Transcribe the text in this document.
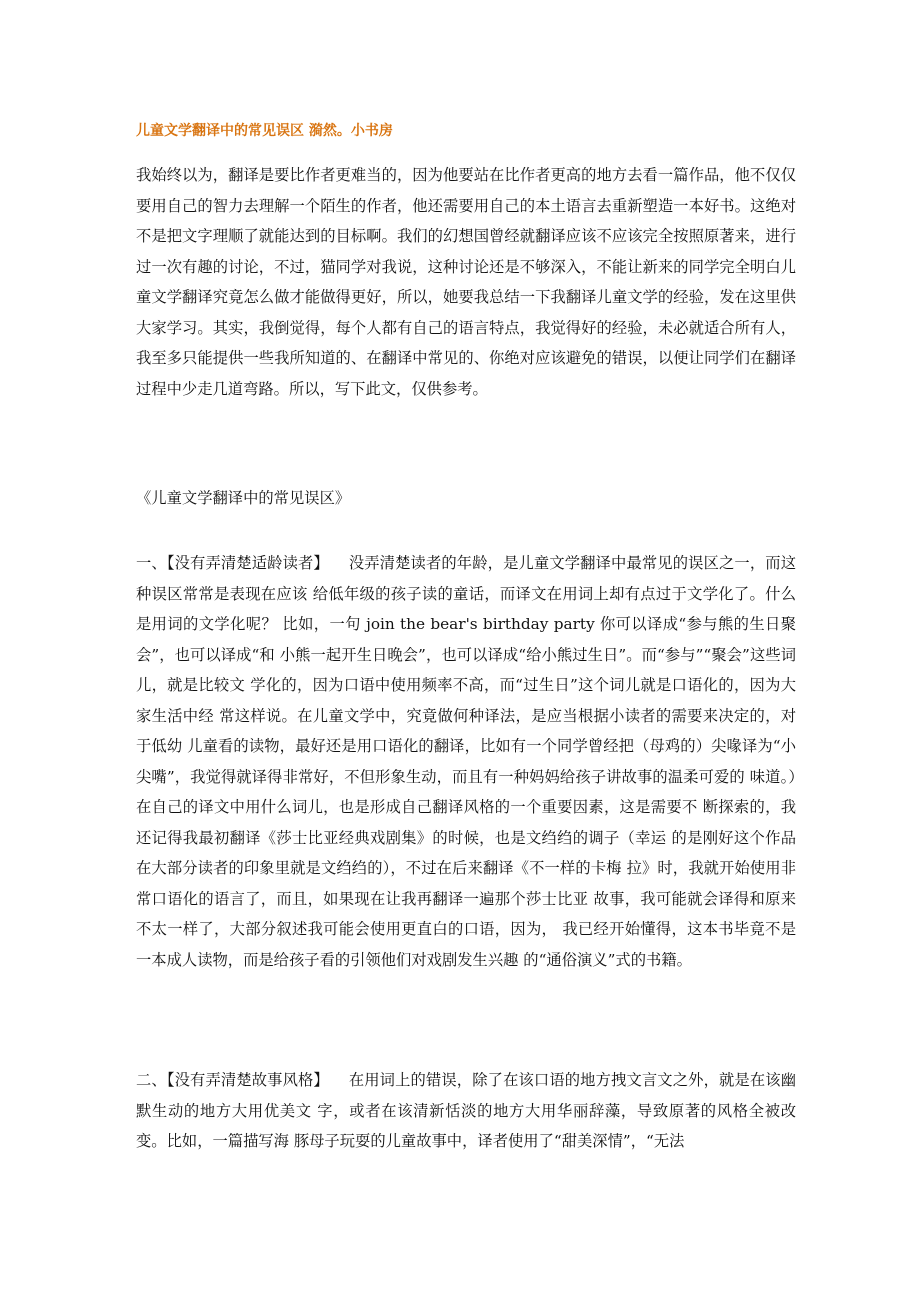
儿童文学翻译中的常见误区 漪然。小书房

我始终以为，翻译是要比作者更难当的，因为他要站在比作者更高的地方去看一篇作品，他不仅仅要用自己的智力去理解一个陌生的作者，他还需要用自己的本土语言去重新塑造一本好书。这绝对不是把文字理顺了就能达到的目标啊。我们的幻想国曾经就翻译应该不应该完全按照原著来，进行过一次有趣的讨论，不过，猫同学对我说，这种讨论还是不够深入，不能让新来的同学完全明白儿童文学翻译究竟怎么做才能做得更好，所以，她要我总结一下我翻译儿童文学的经验，发在这里供大家学习。其实，我倒觉得，每个人都有自己的语言特点，我觉得好的经验，未必就适合所有人，我至多只能提供一些我所知道的、在翻译中常见的、你绝对应该避免的错误，以便让同学们在翻译过程中少走几道弯路。所以，写下此文，仅供参考。

《儿童文学翻译中的常见误区》

一、【没有弄清楚适龄读者】 没弄清楚读者的年龄，是儿童文学翻译中最常见的误区之一，而这种误区常常是表现在应该 给低年级的孩子读的童话，而译文在用词上却有点过于文学化了。什么是用词的文学化呢？ 比如，一句 join the bear's birthday party 你可以译成“参与熊的生日聚会”，也可以译成“和 小熊一起开生日晚会”，也可以译成“给小熊过生日”。而“参与”“聚会”这些词儿，就是比较文 学化的，因为口语中使用频率不高，而“过生日”这个词儿就是口语化的，因为大家生活中经 常这样说。在儿童文学中，究竟做何种译法，是应当根据小读者的需要来决定的，对于低幼 儿童看的读物，最好还是用口语化的翻译，比如有一个同学曾经把（母鸡的）尖喙译为“小 尖嘴”，我觉得就译得非常好，不但形象生动，而且有一种妈妈给孩子讲故事的温柔可爱的 味道。）在自己的译文中用什么词儿，也是形成自己翻译风格的一个重要因素，这是需要不 断探索的，我还记得我最初翻译《莎士比亚经典戏剧集》的时候，也是文绉绉的调子（幸运 的是刚好这个作品在大部分读者的印象里就是文绉绉的），不过在后来翻译《不一样的卡梅 拉》时，我就开始使用非常口语化的语言了，而且，如果现在让我再翻译一遍那个莎士比亚 故事，我可能就会译得和原来不太一样了，大部分叙述我可能会使用更直白的口语，因为， 我已经开始懂得，这本书毕竟不是一本成人读物，而是给孩子看的引领他们对戏剧发生兴趣 的“通俗演义”式的书籍。

二、【没有弄清楚故事风格】 在用词上的错误，除了在该口语的地方拽文言文之外，就是在该幽默生动的地方大用优美文 字，或者在该清新恬淡的地方大用华丽辞藻，导致原著的风格全被改变。比如，一篇描写海 豚母子玩耍的儿童故事中，译者使用了“甜美深情”，“无法
